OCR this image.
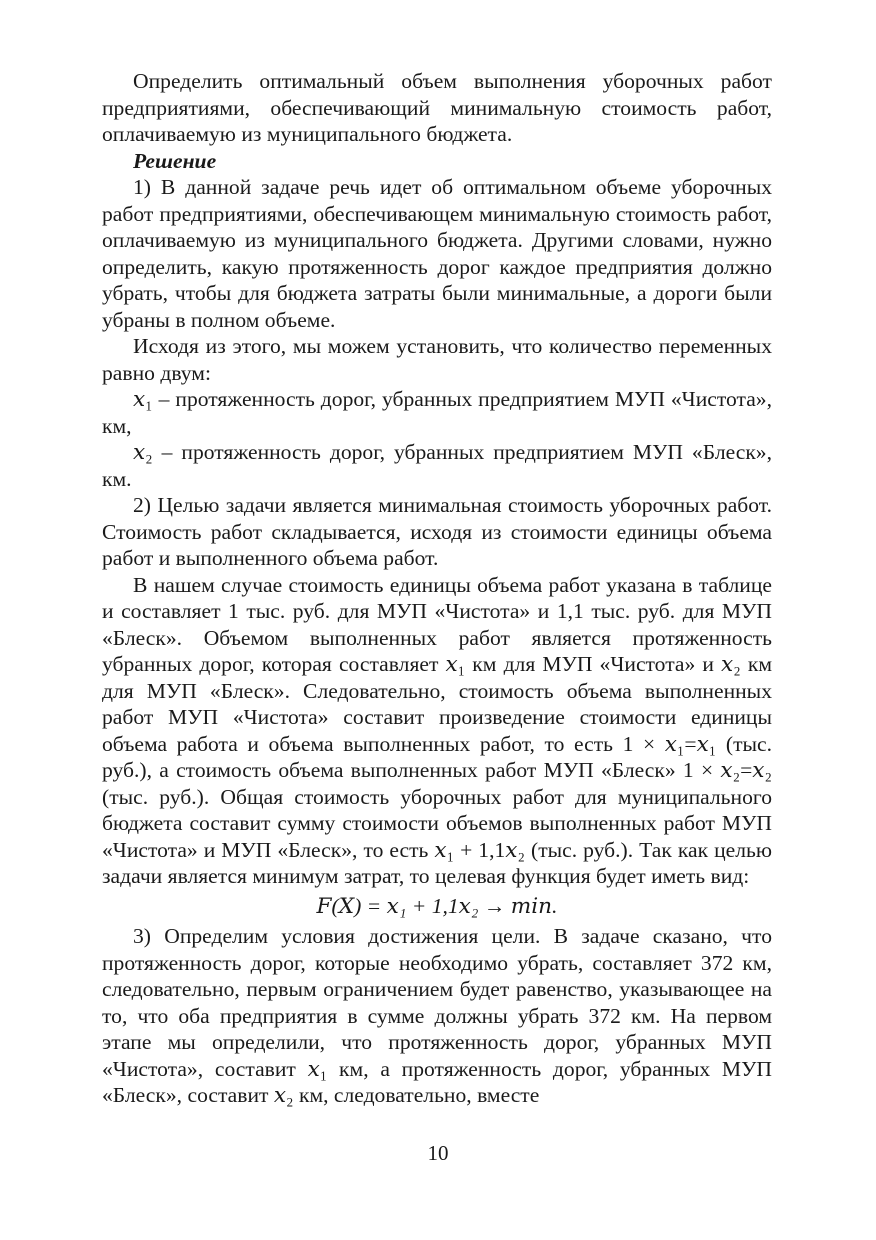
Определить оптимальный объем выполнения уборочных работ предприятиями, обеспечивающий минимальную стоимость работ, оплачиваемую из муниципального бюджета.

Решение

1) В данной задаче речь идет об оптимальном объеме уборочных работ предприятиями, обеспечивающем минимальную стоимость работ, оплачиваемую из муниципального бюджета. Другими словами, нужно определить, какую протяженность дорог каждое предприятия должно убрать, чтобы для бюджета затраты были минимальные, а дороги были убраны в полном объеме.

Исходя из этого, мы можем установить, что количество переменных равно двум:

𝑥₁ – протяженность дорог, убранных предприятием МУП «Чистота», км,

𝑥₂ – протяженность дорог, убранных предприятием МУП «Блеск», км.

2) Целью задачи является минимальная стоимость уборочных работ. Стоимость работ складывается, исходя из стоимости единицы объема работ и выполненного объема работ.

В нашем случае стоимость единицы объема работ указана в таблице и составляет 1 тыс. руб. для МУП «Чистота» и 1,1 тыс. руб. для МУП «Блеск». Объемом выполненных работ является протяженность убранных дорог, которая составляет 𝑥₁ км для МУП «Чистота» и 𝑥₂ км для МУП «Блеск». Следовательно, стоимость объема выполненных работ МУП «Чистота» составит произведение стоимости единицы объема работа и объема выполненных работ, то есть 1 × 𝑥₁=𝑥₁ (тыс. руб.), а стоимость объема выполненных работ МУП «Блеск» 1 × 𝑥₂=𝑥₂ (тыс. руб.). Общая стоимость уборочных работ для муниципального бюджета составит сумму стоимости объемов выполненных работ МУП «Чистота» и МУП «Блеск», то есть 𝑥₁ + 1,1𝑥₂ (тыс. руб.). Так как целью задачи является минимум затрат, то целевая функция будет иметь вид:

𝐹(𝑋) = 𝑥₁ + 1,1𝑥₂ → 𝑚𝑖𝑛.

3) Определим условия достижения цели. В задаче сказано, что протяженность дорог, которые необходимо убрать, составляет 372 км, следовательно, первым ограничением будет равенство, указывающее на то, что оба предприятия в сумме должны убрать 372 км. На первом этапе мы определили, что протяженность дорог, убранных МУП «Чистота», составит 𝑥₁ км, а протяженность дорог, убранных МУП «Блеск», составит 𝑥₂ км, следовательно, вместе

10
